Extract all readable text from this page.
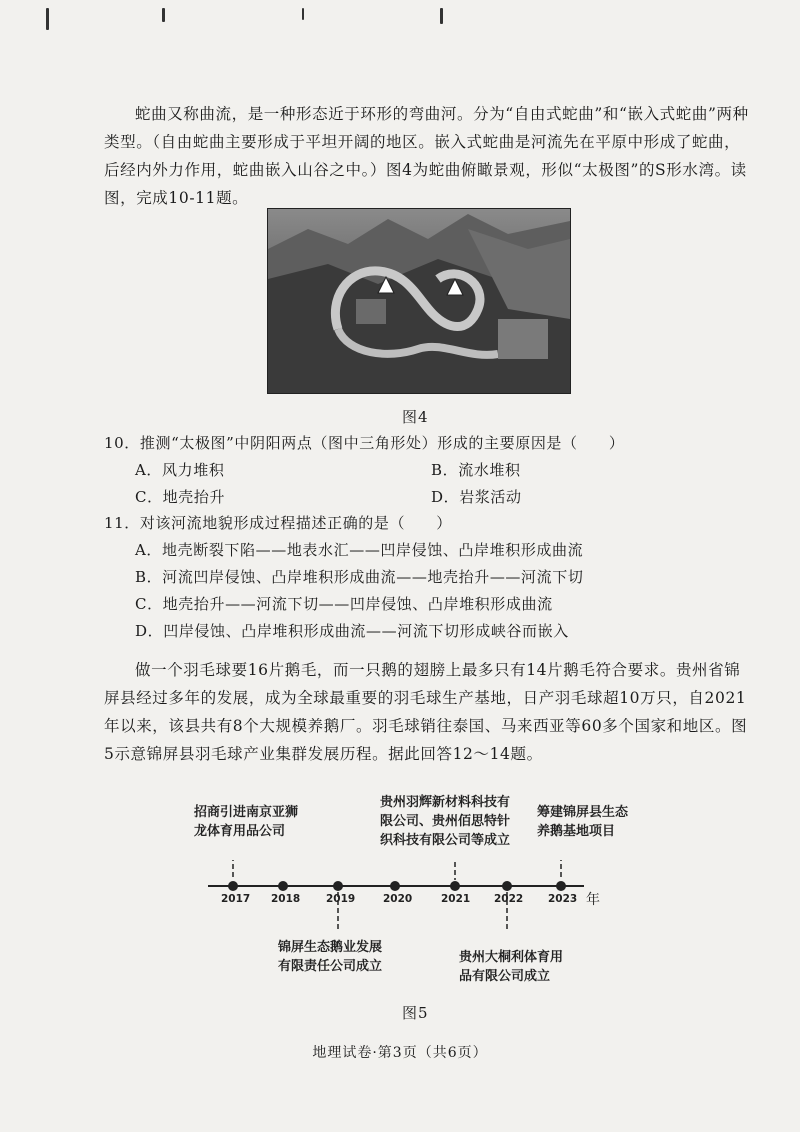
蛇曲又称曲流，是一种形态近于环形的弯曲河。分为“自由式蛇曲”和“嵌入式蛇曲”两种类型。（自由蛇曲主要形成于平坦开阔的地区。嵌入式蛇曲是河流先在平原中形成了蛇曲，后经内外力作用，蛇曲嵌入山谷之中。）图4为蛇曲俯瞰景观，形似“太极图”的S形水湾。读图，完成10-11题。

图4
10．推测“太极图”中阴阳两点（图中三角形处）形成的主要原因是（　　）
A．风力堆积	B．流水堆积
C．地壳抬升	D．岩浆活动
11．对该河流地貌形成过程描述正确的是（　　）
A．地壳断裂下陷——地表水汇——凹岸侵蚀、凸岸堆积形成曲流
B．河流凹岸侵蚀、凸岸堆积形成曲流——地壳抬升——河流下切
C．地壳抬升——河流下切——凹岸侵蚀、凸岸堆积形成曲流
D．凹岸侵蚀、凸岸堆积形成曲流——河流下切形成峡谷而嵌入

做一个羽毛球要16片鹅毛，而一只鹅的翅膀上最多只有14片鹅毛符合要求。贵州省锦屏县经过多年的发展，成为全球最重要的羽毛球生产基地，日产羽毛球超10万只，自2021年以来，该县共有8个大规模养鹅厂。羽毛球销往泰国、马来西亚等60多个国家和地区。图5示意锦屏县羽毛球产业集群发展历程。据此回答12～14题。

2017 2018 2019	2020	2021 2022 2023 年
招商引进南京亚狮
龙体育用品公司
贵州羽辉新材料科技有
限公司、贵州佰思特针
织科技有限公司等成立
筹建锦屏县生态
养鹅基地项目
锦屏生态鹅业发展
有限责任公司成立
贵州大桐利体育用
品有限公司成立
图5
地理试卷·第3页（共6页）
